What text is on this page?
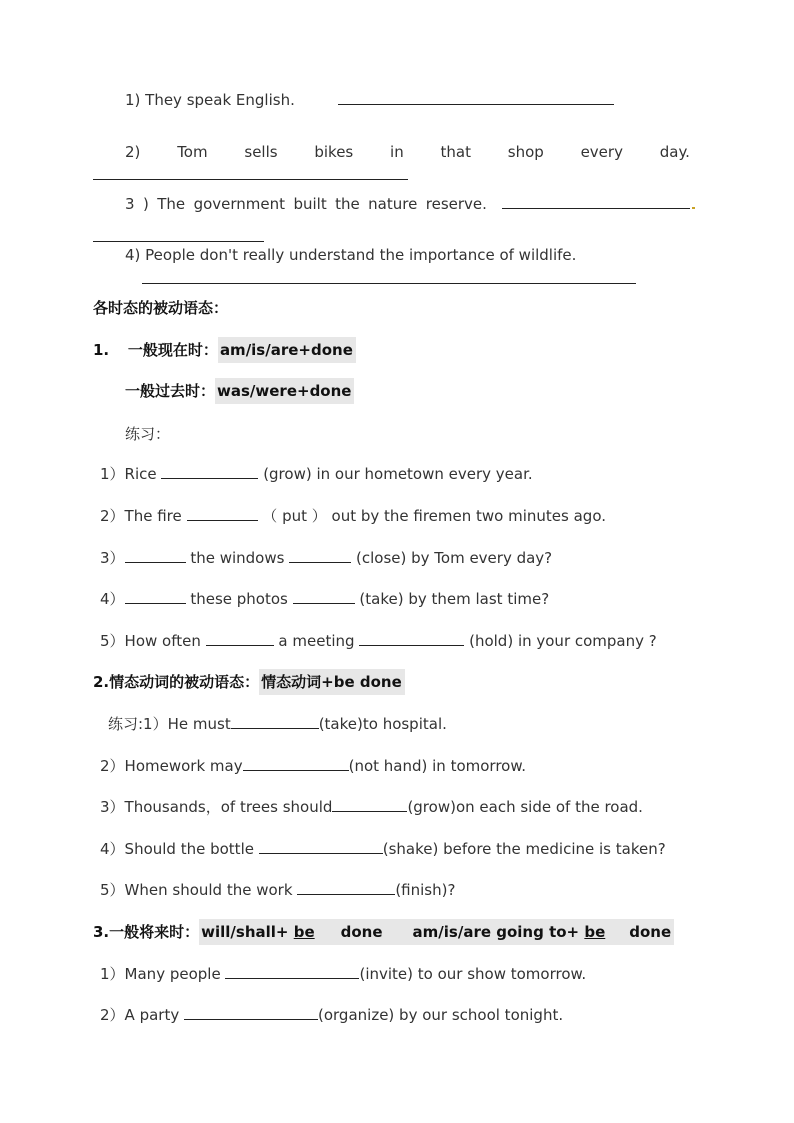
1) They speak English.
2) Tom sells bikes in that shop every day.
3 ) The government built the nature reserve.

4) People don't really understand the importance of wildlife.
各时态的被动语态：
1. 一般现在时： am/is/are+done
一般过去时： was/were+done
练习：
1）Rice	(grow) in our hometown every year.
2）The fire	（ put ） out by the firemen two minutes ago.
3）	the windows	(close) by Tom every day?
4）	these photos	(take) by them last time?
5）How often	a meeting	(hold) in your company ?
2.情态动词的被动语态： 情态动词+be done
练习:1）He must	(take)to hospital.
2）Homework may	(not hand) in tomorrow.
3）Thousands，of trees should	(grow)on each side of the road.
4）Should the bottle	(shake) before the medicine is taken?
5）When should the work	(finish)?
3.一般将来时： will/shall+ be done am/is/are going to+ be done
1）Many people	(invite) to our show tomorrow.
2）A party	(organize) by our school tonight.
